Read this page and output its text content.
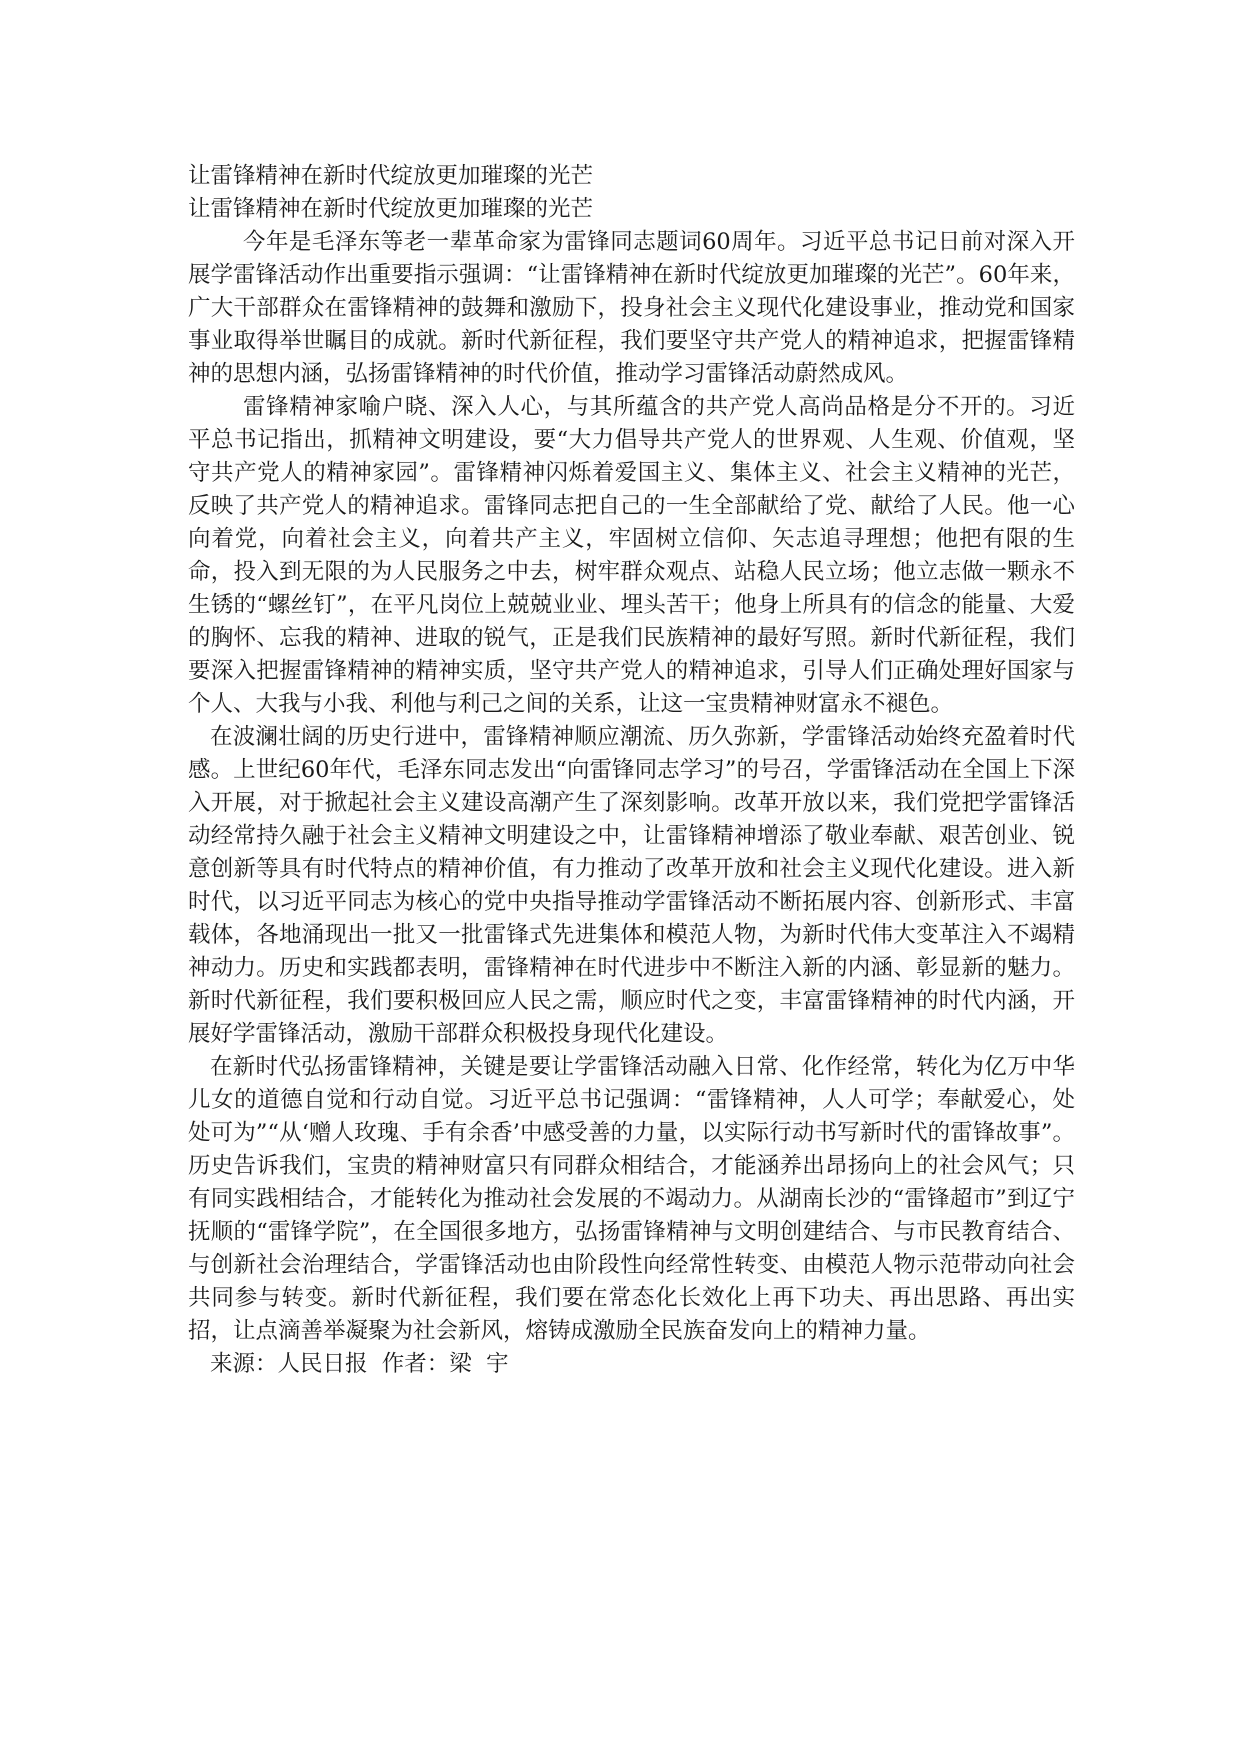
让雷锋精神在新时代绽放更加璀璨的光芒

让雷锋精神在新时代绽放更加璀璨的光芒

今年是毛泽东等老一辈革命家为雷锋同志题词60周年。习近平总书记日前对深入开展学雷锋活动作出重要指示强调：“让雷锋精神在新时代绽放更加璀璨的光芒”。60年来，广大干部群众在雷锋精神的鼓舞和激励下，投身社会主义现代化建设事业，推动党和国家事业取得举世瞩目的成就。新时代新征程，我们要坚守共产党人的精神追求，把握雷锋精神的思想内涵，弘扬雷锋精神的时代价值，推动学习雷锋活动蔚然成风。

雷锋精神家喻户晓、深入人心，与其所蕴含的共产党人高尚品格是分不开的。习近平总书记指出，抓精神文明建设，要“大力倡导共产党人的世界观、人生观、价值观，坚守共产党人的精神家园”。雷锋精神闪烁着爱国主义、集体主义、社会主义精神的光芒，反映了共产党人的精神追求。雷锋同志把自己的一生全部献给了党、献给了人民。他一心向着党，向着社会主义，向着共产主义，牢固树立信仰、矢志追寻理想；他把有限的生命，投入到无限的为人民服务之中去，树牢群众观点、站稳人民立场；他立志做一颗永不生锈的“螺丝钉”，在平凡岗位上兢兢业业、埋头苦干；他身上所具有的信念的能量、大爱的胸怀、忘我的精神、进取的锐气，正是我们民族精神的最好写照。新时代新征程，我们要深入把握雷锋精神的精神实质，坚守共产党人的精神追求，引导人们正确处理好国家与个人、大我与小我、利他与利己之间的关系，让这一宝贵精神财富永不褪色。

在波澜壮阔的历史行进中，雷锋精神顺应潮流、历久弥新，学雷锋活动始终充盈着时代感。上世纪60年代，毛泽东同志发出“向雷锋同志学习”的号召，学雷锋活动在全国上下深入开展，对于掀起社会主义建设高潮产生了深刻影响。改革开放以来，我们党把学雷锋活动经常持久融于社会主义精神文明建设之中，让雷锋精神增添了敬业奉献、艰苦创业、锐意创新等具有时代特点的精神价值，有力推动了改革开放和社会主义现代化建设。进入新时代，以习近平同志为核心的党中央指导推动学雷锋活动不断拓展内容、创新形式、丰富载体，各地涌现出一批又一批雷锋式先进集体和模范人物，为新时代伟大变革注入不竭精神动力。历史和实践都表明，雷锋精神在时代进步中不断注入新的内涵、彰显新的魅力。新时代新征程，我们要积极回应人民之需，顺应时代之变，丰富雷锋精神的时代内涵，开展好学雷锋活动，激励干部群众积极投身现代化建设。

在新时代弘扬雷锋精神，关键是要让学雷锋活动融入日常、化作经常，转化为亿万中华儿女的道德自觉和行动自觉。习近平总书记强调：“雷锋精神，人人可学；奉献爱心，处处可为”“从‘赠人玫瑰、手有余香’中感受善的力量，以实际行动书写新时代的雷锋故事”。历史告诉我们，宝贵的精神财富只有同群众相结合，才能涵养出昂扬向上的社会风气；只有同实践相结合，才能转化为推动社会发展的不竭动力。从湖南长沙的“雷锋超市”到辽宁抚顺的“雷锋学院”，在全国很多地方，弘扬雷锋精神与文明创建结合、与市民教育结合、与创新社会治理结合，学雷锋活动也由阶段性向经常性转变、由模范人物示范带动向社会共同参与转变。新时代新征程，我们要在常态化长效化上再下功夫、再出思路、再出实招，让点滴善举凝聚为社会新风，熔铸成激励全民族奋发向上的精神力量。

来源：人民日报  作者：梁  宇
